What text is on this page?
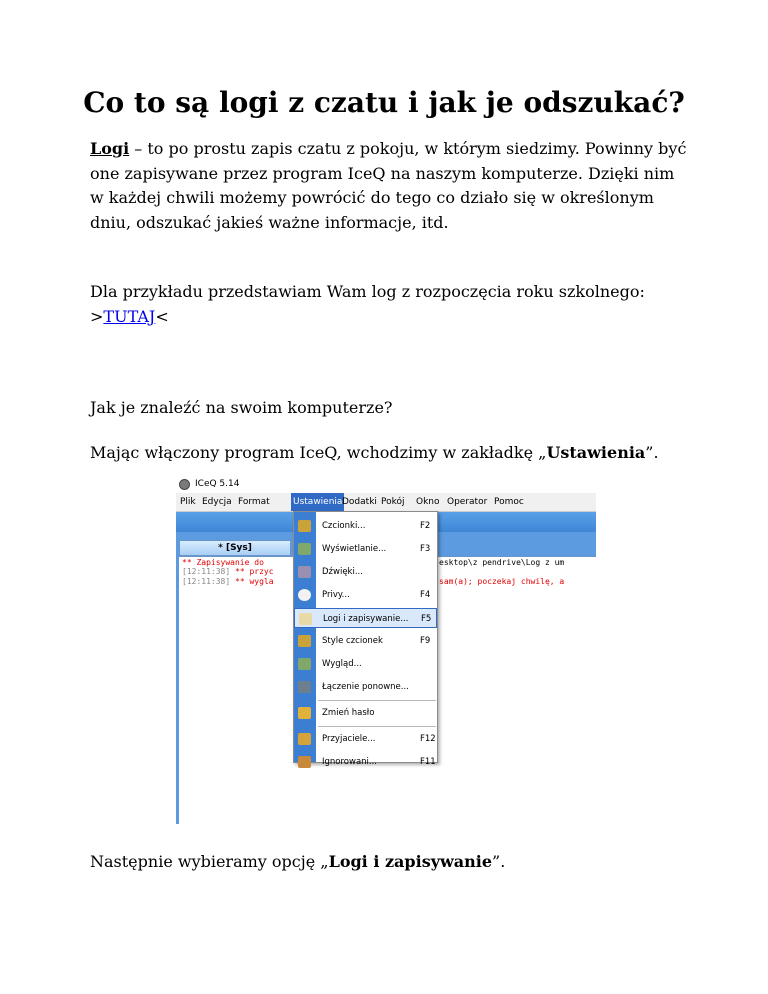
Co to są logi z czatu i jak je odszukać?

Logi – to po prostu zapis czatu z pokoju, w którym siedzimy. Powinny być one zapisywane przez program IceQ na naszym komputerze. Dzięki nim w każdej chwili możemy powrócić do tego co działo się w określonym dniu, odszukać jakieś ważne informacje, itd.

Dla przykładu przedstawiam Wam log z rozpoczęcia roku szkolnego: >TUTAJ<

Jak je znaleźć na swoim komputerze?

Mając włączony program IceQ, wchodzimy w zakładkę „Ustawienia”.

ICeQ 5.14
Plik Edycja Format	Ustawienia Dodatki Pokój Okno Operator Pomoc
* [Sys]
** Zapisywanie do
[12:11:38] ** przyc
[12:11:38] ** wygla
esktop\z pendrive\Log z um
sam(a); poczekaj chwilę, a
Czcionki...	F2
Wyświetlanie...	F3
Dźwięki...
Privy...	F4
Logi i zapisywanie... F5
Style czcionek	F9
Wygląd...
Łączenie ponowne...
Zmień hasło
Przyjaciele...	F12
Ignorowani...	F11

Następnie wybieramy opcję „Logi i zapisywanie”.
